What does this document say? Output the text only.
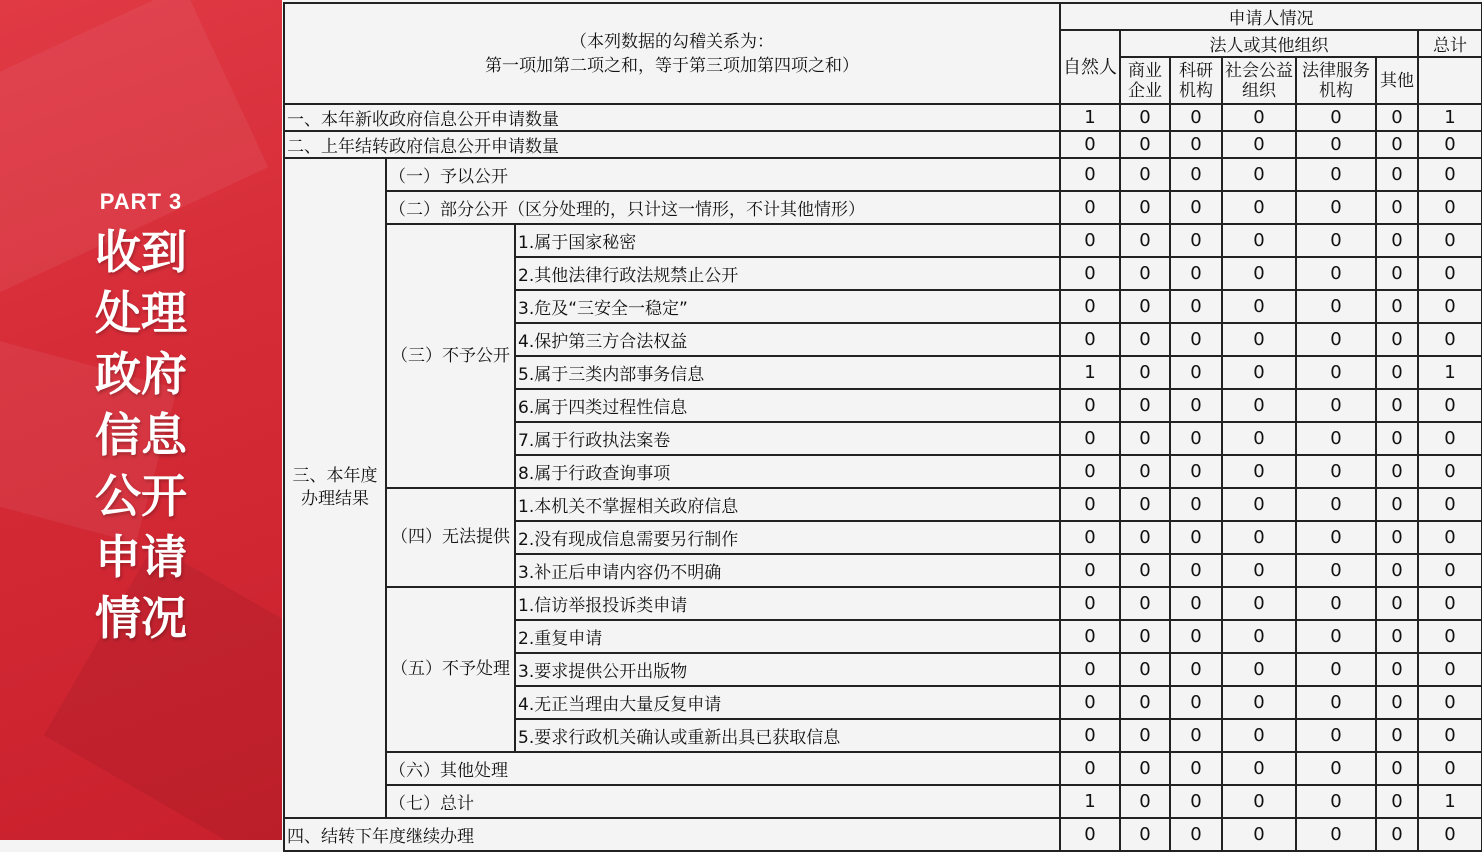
PART 3
收到
处理
政府
信息
公开
申请
情况
（本列数据的勾稽关系为：
第一项加第二项之和，等于第三项加第四项之和）			申请人情况						
			自然人	法人或其他组织					总计
				商业企业	科研机构	社会公益组织	法律服务机构	其他	
一、本年新收政府信息公开申请数量			1	0	0	0	0	0	1
二、上年结转政府信息公开申请数量			0	0	0	0	0	0	0
三、本年度办理结果	（一）予以公开		0	0	0	0	0	0	0
	（二）部分公开（区分处理的，只计这一情形，不计其他情形）		0	0	0	0	0	0	0
	（三）不予公开	1.属于国家秘密	0	0	0	0	0	0	0
		2.其他法律行政法规禁止公开	0	0	0	0	0	0	0
		3.危及“三安全一稳定”	0	0	0	0	0	0	0
		4.保护第三方合法权益	0	0	0	0	0	0	0
		5.属于三类内部事务信息	1	0	0	0	0	0	1
		6.属于四类过程性信息	0	0	0	0	0	0	0
		7.属于行政执法案卷	0	0	0	0	0	0	0
		8.属于行政查询事项	0	0	0	0	0	0	0
	（四）无法提供	1.本机关不掌握相关政府信息	0	0	0	0	0	0	0
		2.没有现成信息需要另行制作	0	0	0	0	0	0	0
		3.补正后申请内容仍不明确	0	0	0	0	0	0	0
	（五）不予处理	1.信访举报投诉类申请	0	0	0	0	0	0	0
		2.重复申请	0	0	0	0	0	0	0
		3.要求提供公开出版物	0	0	0	0	0	0	0
		4.无正当理由大量反复申请	0	0	0	0	0	0	0
		5.要求行政机关确认或重新出具已获取信息	0	0	0	0	0	0	0
	（六）其他处理		0	0	0	0	0	0	0
	（七）总计		1	0	0	0	0	0	1
四、结转下年度继续办理			0	0	0	0	0	0	0
